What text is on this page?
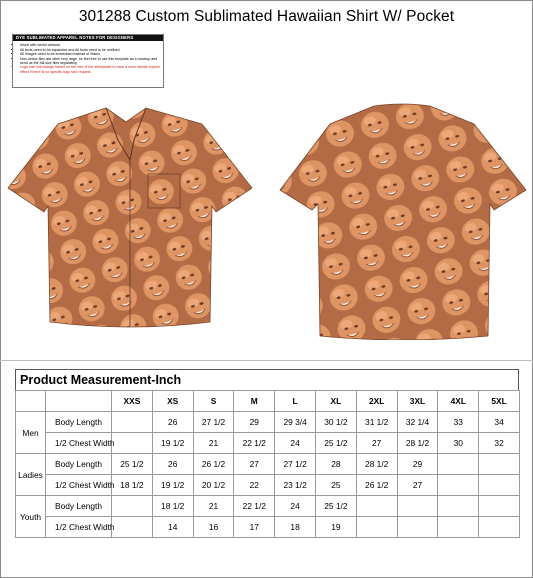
301288 Custom Sublimated Hawaiian Shirt W/ Pocket
DYE SUBLIMATED APPAREL NOTES FOR DESIGNERS
• Insert with vector artwork.
• All texts need to be expanded and All fonts need to be outlined.
• All images need to be embedded instead of linked.
• Non-vector files are often very large, so feel free to use this template as a mockup and send us the full-size files separately.
• Logo size will change based on the size of the shirt/jacket to have a more similar imprint effect if there is no specific logo size request.
Product Measurement-Inch
		XXS	XS	S	M	L	XL	2XL	3XL	4XL	5XL
Men	Body Length		26	27 1/2	29	29 3/4	30 1/2	31 1/2	32 1/4	33	34
	1/2 Chest Width		19 1/2	21	22 1/2	24	25 1/2	27	28 1/2	30	32
Ladies	Body Length	25 1/2	26	26 1/2	27	27 1/2	28	28 1/2	29		
	1/2 Chest Width	18 1/2	19 1/2	20 1/2	22	23 1/2	25	26 1/2	27		
Youth	Body Length		18 1/2	21	22 1/2	24	25 1/2				
	1/2 Chest Width		14	16	17	18	19				
